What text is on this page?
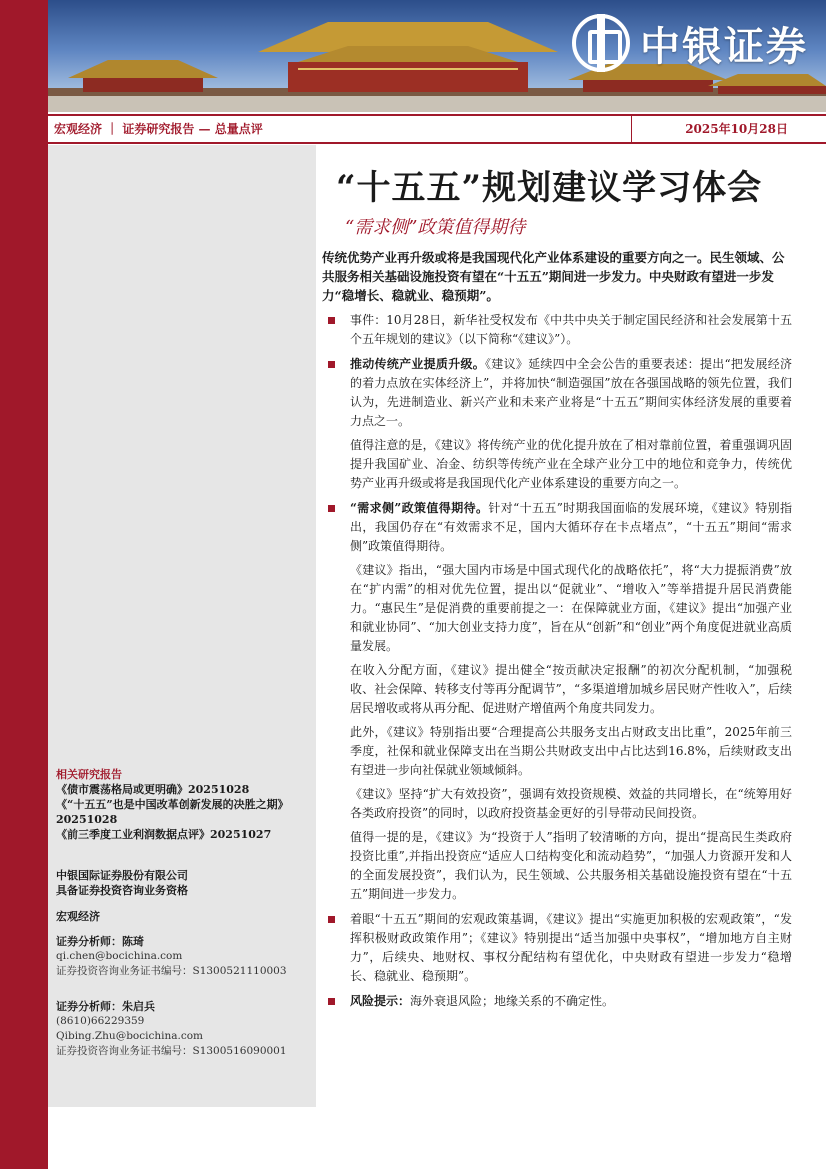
中银证券
宏观经济 ｜ 证券研究报告 — 总量点评	2025年10月28日
相关研究报告
《债市震荡格局或更明确》20251028
《“十五五”也是中国改革创新发展的决胜之期》20251028
《前三季度工业利润数据点评》20251027
中银国际证券股份有限公司
具备证券投资咨询业务资格
宏观经济
证券分析师：陈琦
qi.chen@bocichina.com
证券投资咨询业务证书编号：S1300521110003
证券分析师：朱启兵
(8610)66229359
Qibing.Zhu@bocichina.com
证券投资咨询业务证书编号：S1300516090001
“十五五”规划建议学习体会
“需求侧”政策值得期待
传统优势产业再升级或将是我国现代化产业体系建设的重要方向之一。民生领域、公共服务相关基础设施投资有望在“十五五”期间进一步发力。中央财政有望进一步发力“稳增长、稳就业、稳预期”。

事件：10月28日，新华社受权发布《中共中央关于制定国民经济和社会发展第十五个五年规划的建议》（以下简称“《建议》”）。

推动传统产业提质升级。《建议》延续四中全会公告的重要表述：提出“把发展经济的着力点放在实体经济上”，并将加快“制造强国”放在各强国战略的领先位置，我们认为，先进制造业、新兴产业和未来产业将是“十五五”期间实体经济发展的重要着力点之一。

值得注意的是，《建议》将传统产业的优化提升放在了相对靠前位置，着重强调巩固提升我国矿业、冶金、纺织等传统产业在全球产业分工中的地位和竞争力，传统优势产业再升级或将是我国现代化产业体系建设的重要方向之一。

“需求侧”政策值得期待。针对“十五五”时期我国面临的发展环境，《建议》特别指出，我国仍存在“有效需求不足，国内大循环存在卡点堵点”，“十五五”期间“需求侧”政策值得期待。

《建议》指出，“强大国内市场是中国式现代化的战略依托”，将“大力提振消费”放在“扩内需”的相对优先位置，提出以“促就业”、“增收入”等举措提升居民消费能力。“惠民生”是促消费的重要前提之一：在保障就业方面，《建议》提出“加强产业和就业协同”、“加大创业支持力度”，旨在从“创新”和“创业”两个角度促进就业高质量发展。

在收入分配方面，《建议》提出健全“按贡献决定报酬”的初次分配机制，“加强税收、社会保障、转移支付等再分配调节”，“多渠道增加城乡居民财产性收入”，后续居民增收或将从再分配、促进财产增值两个角度共同发力。

此外，《建议》特别指出要“合理提高公共服务支出占财政支出比重”，2025年前三季度，社保和就业保障支出在当期公共财政支出中占比达到16.8%，后续财政支出有望进一步向社保就业领域倾斜。

《建议》坚持“扩大有效投资”，强调有效投资规模、效益的共同增长，在“统筹用好各类政府投资”的同时，以政府投资基金更好的引导带动民间投资。

值得一提的是，《建议》为“投资于人”指明了较清晰的方向，提出“提高民生类政府投资比重”,并指出投资应“适应人口结构变化和流动趋势”，“加强人力资源开发和人的全面发展投资”，我们认为，民生领域、公共服务相关基础设施投资有望在“十五五”期间进一步发力。

着眼“十五五”期间的宏观政策基调，《建议》提出“实施更加积极的宏观政策”，“发挥积极财政政策作用”；《建议》特别提出“适当加强中央事权”，“增加地方自主财力”，后续央、地财权、事权分配结构有望优化，中央财政有望进一步发力“稳增长、稳就业、稳预期”。

风险提示：海外衰退风险；地缘关系的不确定性。
